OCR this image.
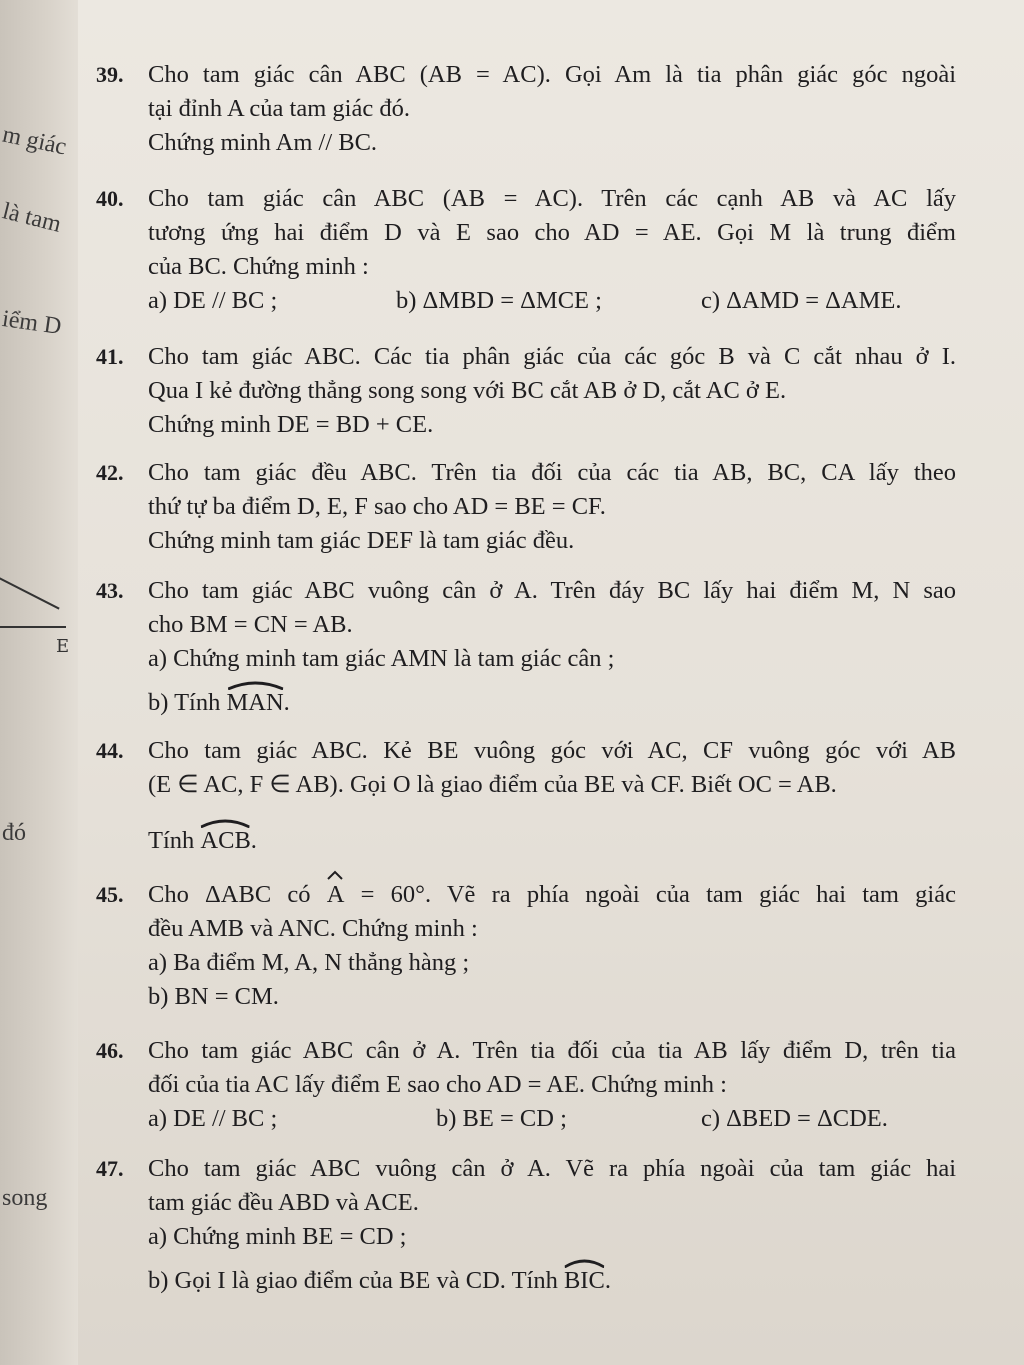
m giác
là tam
iểm D
E
đó
song
39. Cho tam giác cân ABC (AB = AC). Gọi Am là tia phân giác góc ngoài
tại đỉnh A của tam giác đó.
Chứng minh Am // BC.
40. Cho tam giác cân ABC (AB = AC). Trên các cạnh AB và AC lấy
tương ứng hai điểm D và E sao cho AD = AE. Gọi M là trung điểm
của BC. Chứng minh :
a) DE // BC ;	b) ΔMBD = ΔMCE ;	c) ΔAMD = ΔAME.
41. Cho tam giác ABC. Các tia phân giác của các góc B và C cắt nhau ở I.
Qua I kẻ đường thẳng song song với BC cắt AB ở D, cắt AC ở E.
Chứng minh DE = BD + CE.
42. Cho tam giác đều ABC. Trên tia đối của các tia AB, BC, CA lấy theo
thứ tự ba điểm D, E, F sao cho AD = BE = CF.
Chứng minh tam giác DEF là tam giác đều.
43. Cho tam giác ABC vuông cân ở A. Trên đáy BC lấy hai điểm M, N sao
cho BM = CN = AB.
a) Chứng minh tam giác AMN là tam giác cân ;
b) Tính
MAN.
44. Cho tam giác ABC. Kẻ BE vuông góc với AC, CF vuông góc với AB
(E ∈ AC, F ∈ AB). Gọi O là giao điểm của BE và CF. Biết OC = AB.
Tính
ACB.
45. Cho ΔABC có
A = 60°. Vẽ ra phía ngoài của tam giác hai tam giác
đều AMB và ANC. Chứng minh :
a) Ba điểm M, A, N thẳng hàng ;
b) BN = CM.
46. Cho tam giác ABC cân ở A. Trên tia đối của tia AB lấy điểm D, trên tia
đối của tia AC lấy điểm E sao cho AD = AE. Chứng minh :
a) DE // BC ;	b) BE = CD ;	c) ΔBED = ΔCDE.
47. Cho tam giác ABC vuông cân ở A. Vẽ ra phía ngoài của tam giác hai
tam giác đều ABD và ACE.
a) Chứng minh BE = CD ;
b) Gọi I là giao điểm của BE và CD. Tính
BIC.
